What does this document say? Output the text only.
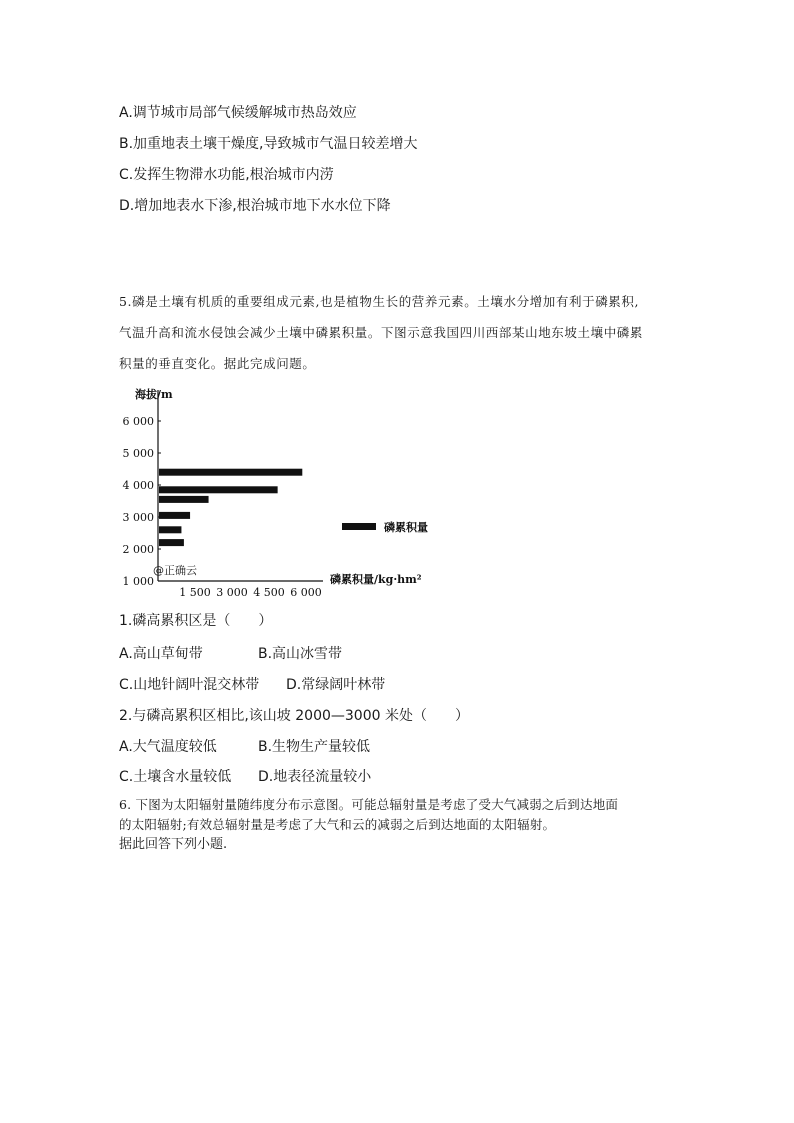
A.调节城市局部气候缓解城市热岛效应
B.加重地表土壤干燥度,导致城市气温日较差增大
C.发挥生物滞水功能,根治城市内涝
D.增加地表水下渗,根治城市地下水水位下降
5.磷是土壤有机质的重要组成元素,也是植物生长的营养元素。土壤水分增加有利于磷累积,
气温升高和流水侵蚀会减少土壤中磷累积量。下图示意我国四川西部某山地东坡土壤中磷累
积量的垂直变化。据此完成问题。
海拔/m
1 000
2 000
3 000
4 000
5 000
6 000
1 500 3 000 4 500 6 000
@正确云
磷累积量/kg·hm²
磷累积量
1.磷高累积区是（　　）
A.高山草甸带	B.高山冰雪带
C.山地针阔叶混交林带 D.常绿阔叶林带
2.与磷高累积区相比,该山坡 2000—3000 米处（　　）
A.大气温度较低	B.生物生产量较低
C.土壤含水量较低 D.地表径流量较小
6. 下图为太阳辐射量随纬度分布示意图。可能总辐射量是考虑了受大气减弱之后到达地面
的太阳辐射;有效总辐射量是考虑了大气和云的减弱之后到达地面的太阳辐射。
据此回答下列小题.
